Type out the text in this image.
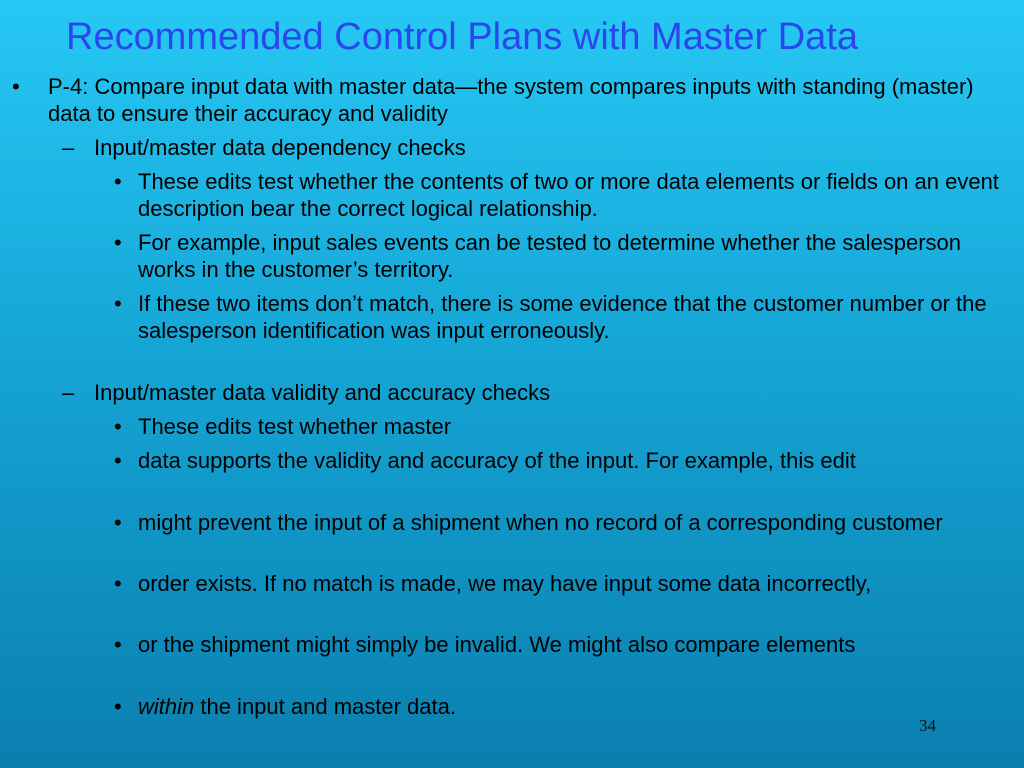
Recommended Control Plans with Master Data
• P-4: Compare input data with master data—the system compares inputs with standing (master) data to ensure their accuracy and validity
– Input/master data dependency checks
• These edits test whether the contents of two or more data elements or fields on an event description bear the correct logical relationship.
• For example, input sales events can be tested to determine whether the salesperson works in the customer’s territory.
• If these two items don’t match, there is some evidence that the customer number or the salesperson identification was input erroneously.
– Input/master data validity and accuracy checks
• These edits test whether master
• data supports the validity and accuracy of the input. For example, this edit
• might prevent the input of a shipment when no record of a corresponding customer
• order exists. If no match is made, we may have input some data incorrectly,
• or the shipment might simply be invalid. We might also compare elements
• within the input and master data.
34
